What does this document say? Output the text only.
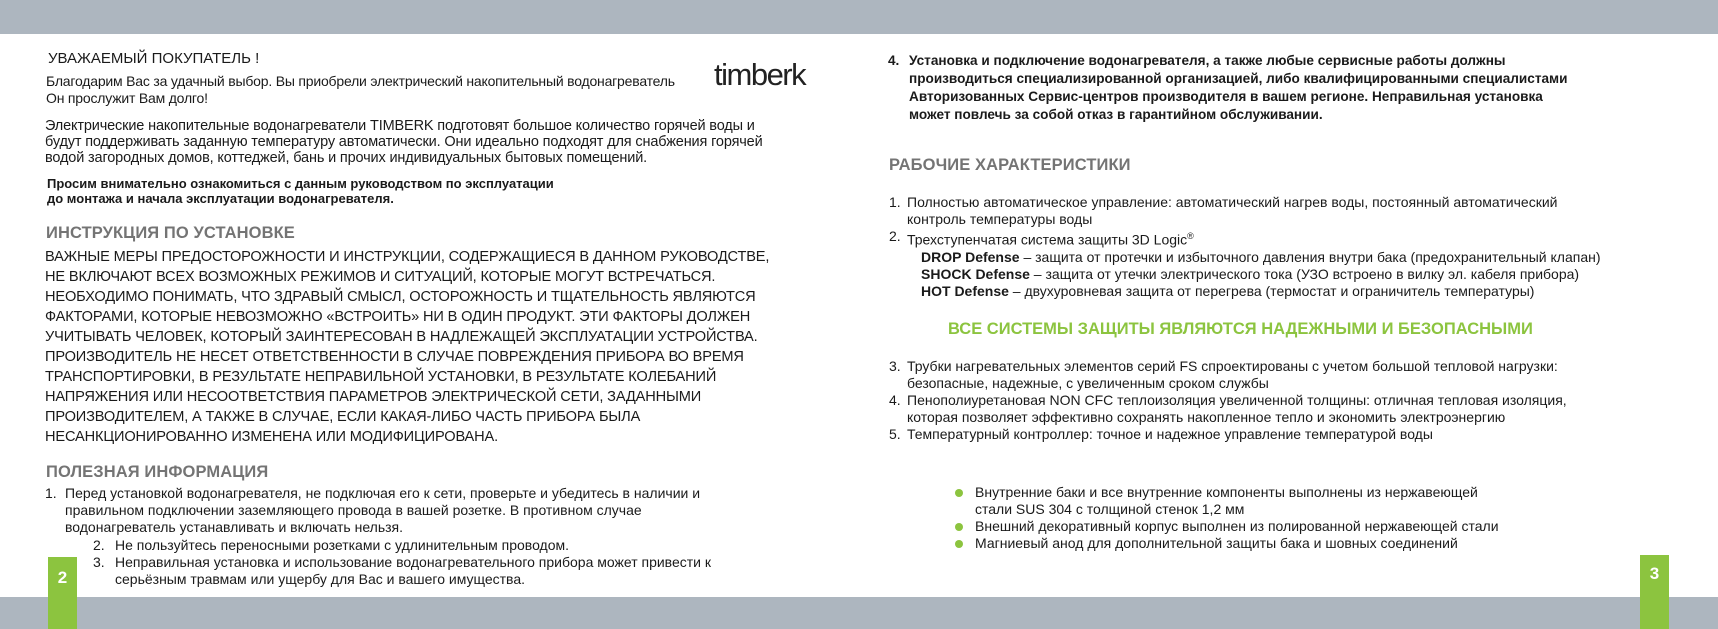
УВАЖАЕМЫЙ ПОКУПАТЕЛЬ !
Благодарим Вас за удачный выбор. Вы приобрели электрический накопительный водонагреватель	timberk
Он прослужит Вам долго!
Электрические накопительные водонагреватели TIMBERK подготовят большое количество горячей воды и
будут поддерживать заданную температуру автоматически. Они идеально подходят для снабжения горячей
водой загородных домов, коттеджей, бань и прочих индивидуальных бытовых помещений.
Просим внимательно ознакомиться с данным руководством по эксплуатации
до монтажа и начала эксплуатации водонагревателя.
ИНСТРУКЦИЯ ПО УСТАНОВКЕ
ВАЖНЫЕ МЕРЫ ПРЕДОСТОРОЖНОСТИ И ИНСТРУКЦИИ, СОДЕРЖАЩИЕСЯ В ДАННОМ РУКОВОДСТВЕ,
НЕ ВКЛЮЧАЮТ ВСЕХ ВОЗМОЖНЫХ РЕЖИМОВ И СИТУАЦИЙ, КОТОРЫЕ МОГУТ ВСТРЕЧАТЬСЯ.
НЕОБХОДИМО ПОНИМАТЬ, ЧТО ЗДРАВЫЙ СМЫСЛ, ОСТОРОЖНОСТЬ И ТЩАТЕЛЬНОСТЬ ЯВЛЯЮТСЯ
ФАКТОРАМИ, КОТОРЫЕ НЕВОЗМОЖНО «ВСТРОИТЬ» НИ В ОДИН ПРОДУКТ. ЭТИ ФАКТОРЫ ДОЛЖЕН
УЧИТЫВАТЬ ЧЕЛОВЕК, КОТОРЫЙ ЗАИНТЕРЕСОВАН В НАДЛЕЖАЩЕЙ ЭКСПЛУАТАЦИИ УСТРОЙСТВА.
ПРОИЗВОДИТЕЛЬ НЕ НЕСЕТ ОТВЕТСТВЕННОСТИ В СЛУЧАЕ ПОВРЕЖДЕНИЯ ПРИБОРА ВО ВРЕМЯ
ТРАНСПОРТИРОВКИ, В РЕЗУЛЬТАТЕ НЕПРАВИЛЬНОЙ УСТАНОВКИ, В РЕЗУЛЬТАТЕ КОЛЕБАНИЙ
НАПРЯЖЕНИЯ ИЛИ НЕСООТВЕТСТВИЯ ПАРАМЕТРОВ ЭЛЕКТРИЧЕСКОЙ СЕТИ, ЗАДАННЫМИ
ПРОИЗВОДИТЕЛЕМ, А ТАКЖЕ В СЛУЧАЕ, ЕСЛИ КАКАЯ-ЛИБО ЧАСТЬ ПРИБОРА БЫЛА
НЕСАНКЦИОНИРОВАННО ИЗМЕНЕНА ИЛИ МОДИФИЦИРОВАНА.
ПОЛЕЗНАЯ ИНФОРМАЦИЯ
1. Перед установкой водонагревателя, не подключая его к сети, проверьте и убедитесь в наличии и
правильном подключении заземляющего провода в вашей розетке. В противном случае
водонагреватель устанавливать и включать нельзя.
2. Не пользуйтесь переносными розетками с удлинительным проводом.
3. Неправильная установка и использование водонагревательного прибора может привести к
серьёзным травмам или ущербу для Вас и вашего имущества.
2
4. Установка и подключение водонагревателя, а также любые сервисные работы должны
производиться специализированной организацией, либо квалифицированными специалистами
Авторизованных Сервис-центров производителя в вашем регионе. Неправильная установка
может повлечь за собой отказ в гарантийном обслуживании.
РАБОЧИЕ ХАРАКТЕРИСТИКИ
1. Полностью автоматическое управление: автоматический нагрев воды, постоянный автоматический
контроль температуры воды
2. Трехступенчатая система защиты 3D Logic®
DROP Defense – защита от протечки и избыточного давления внутри бака (предохранительный клапан)
SHOCK Defense – защита от утечки электрического тока (УЗО встроено в вилку эл. кабеля прибора)
HOT Defense – двухуровневая защита от перегрева (термостат и ограничитель температуры)
ВСЕ СИСТЕМЫ ЗАЩИТЫ ЯВЛЯЮТСЯ НАДЕЖНЫМИ И БЕЗОПАСНЫМИ
3. Трубки нагревательных элементов серий FS спроектированы с учетом большой тепловой нагрузки:
безопасные, надежные, с увеличенным сроком службы
4. Пенополиуретановая NON CFC теплоизоляция увеличенной толщины: отличная тепловая изоляция,
которая позволяет эффективно сохранять накопленное тепло и экономить электроэнергию
5. Температурный контроллер: точное и надежное управление температурой воды
Внутренние баки и все внутренние компоненты выполнены из нержавеющей
стали SUS 304 с толщиной стенок 1,2 мм
Внешний декоративный корпус выполнен из полированной нержавеющей стали
Магниевый анод для дополнительной защиты бака и шовных соединений
3
